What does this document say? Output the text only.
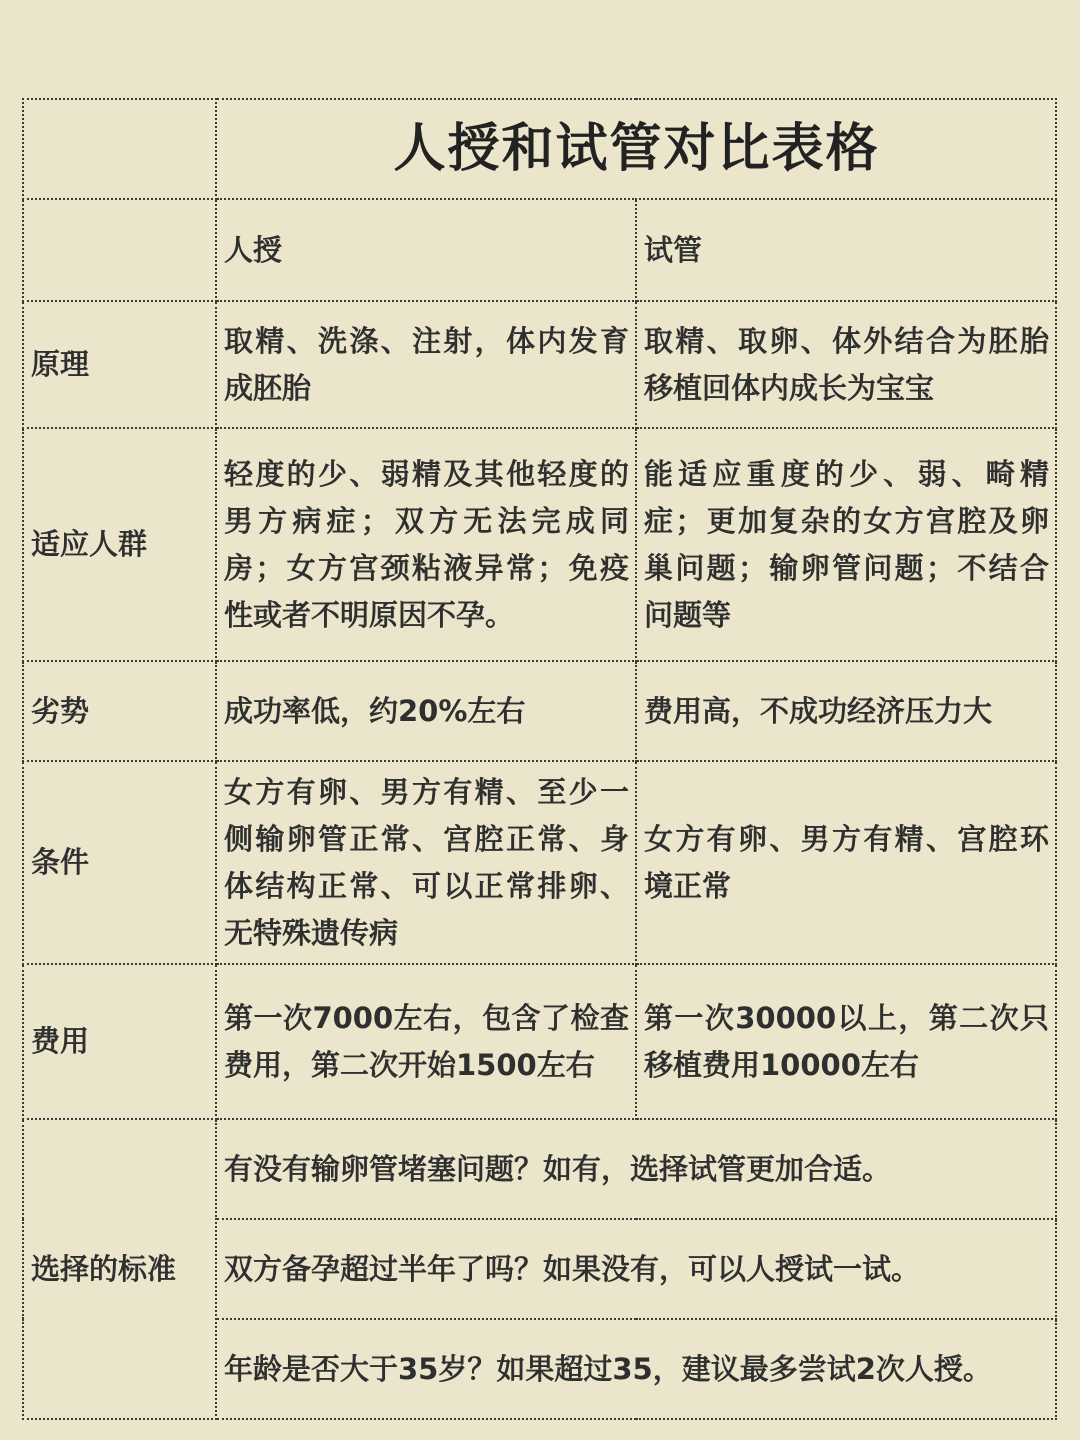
	人授和试管对比表格	
	人授	试管
原理	取精、洗涤、注射，体内发育成胚胎	取精、取卵、体外结合为胚胎移植回体内成长为宝宝
适应人群	轻度的少、弱精及其他轻度的男方病症；双方无法完成同房；女方宫颈粘液异常；免疫性或者不明原因不孕。	能适应重度的少、弱、畸精症；更加复杂的女方宫腔及卵巢问题；输卵管问题；不结合问题等
劣势	成功率低，约20%左右	费用高，不成功经济压力大
条件	女方有卵、男方有精、至少一侧输卵管正常、宫腔正常、身体结构正常、可以正常排卵、无特殊遗传病	女方有卵、男方有精、宫腔环境正常
费用	第一次7000左右，包含了检查费用，第二次开始1500左右	第一次30000以上，第二次只移植费用10000左右
选择的标准	有没有输卵管堵塞问题？如有，选择试管更加合适。	
	双方备孕超过半年了吗？如果没有，可以人授试一试。	
	年龄是否大于35岁？如果超过35，建议最多尝试2次人授。	
